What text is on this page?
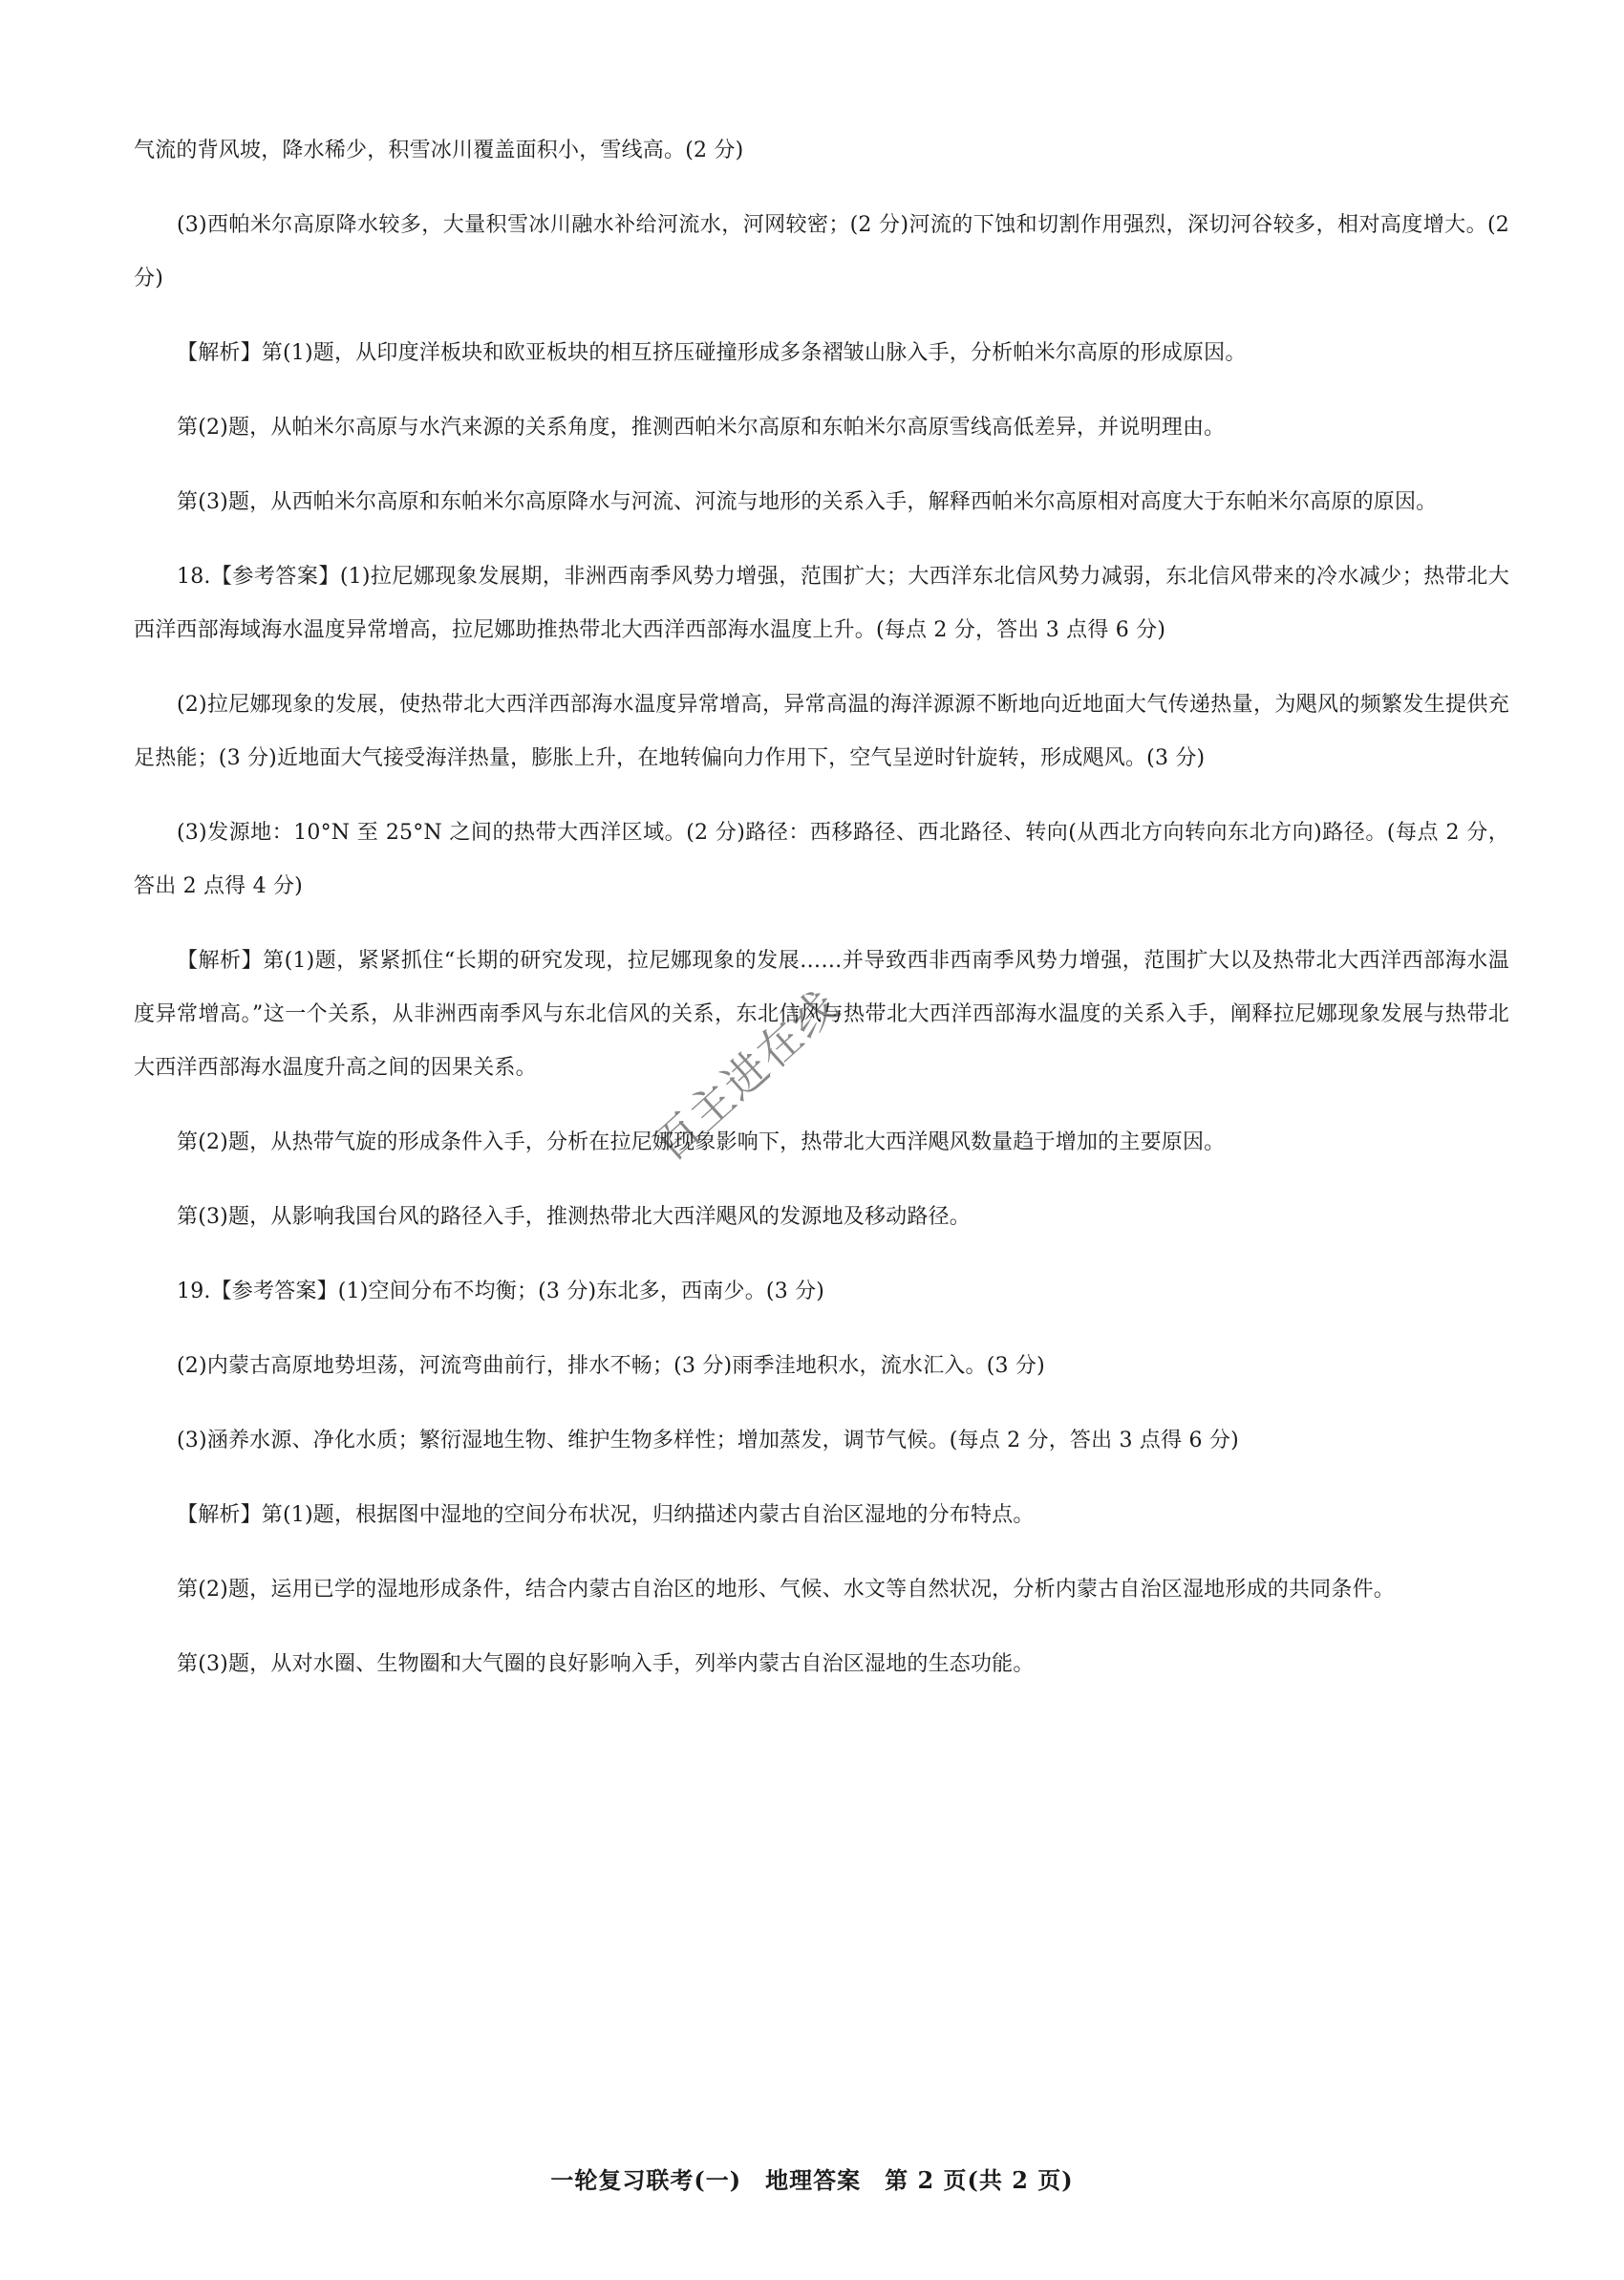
气流的背风坡，降水稀少，积雪冰川覆盖面积小，雪线高。(2 分)

(3)西帕米尔高原降水较多，大量积雪冰川融水补给河流水，河网较密；(2 分)河流的下蚀和切割作用强烈，深切河谷较多，相对高度增大。(2 分)

【解析】第(1)题，从印度洋板块和欧亚板块的相互挤压碰撞形成多条褶皱山脉入手，分析帕米尔高原的形成原因。

第(2)题，从帕米尔高原与水汽来源的关系角度，推测西帕米尔高原和东帕米尔高原雪线高低差异，并说明理由。

第(3)题，从西帕米尔高原和东帕米尔高原降水与河流、河流与地形的关系入手，解释西帕米尔高原相对高度大于东帕米尔高原的原因。

18.【参考答案】(1)拉尼娜现象发展期，非洲西南季风势力增强，范围扩大；大西洋东北信风势力减弱，东北信风带来的冷水减少；热带北大西洋西部海域海水温度异常增高，拉尼娜助推热带北大西洋西部海水温度上升。(每点 2 分，答出 3 点得 6 分)

(2)拉尼娜现象的发展，使热带北大西洋西部海水温度异常增高，异常高温的海洋源源不断地向近地面大气传递热量，为飓风的频繁发生提供充足热能；(3 分)近地面大气接受海洋热量，膨胀上升，在地转偏向力作用下，空气呈逆时针旋转，形成飓风。(3 分)

(3)发源地：10°N 至 25°N 之间的热带大西洋区域。(2 分)路径：西移路径、西北路径、转向(从西北方向转向东北方向)路径。(每点 2 分，答出 2 点得 4 分)

【解析】第(1)题，紧紧抓住“长期的研究发现，拉尼娜现象的发展……并导致西非西南季风势力增强，范围扩大以及热带北大西洋西部海水温度异常增高。”这一个关系，从非洲西南季风与东北信风的关系，东北信风与热带北大西洋西部海水温度的关系入手，阐释拉尼娜现象发展与热带北大西洋西部海水温度升高之间的因果关系。

第(2)题，从热带气旋的形成条件入手，分析在拉尼娜现象影响下，热带北大西洋飓风数量趋于增加的主要原因。

第(3)题，从影响我国台风的路径入手，推测热带北大西洋飓风的发源地及移动路径。

19.【参考答案】(1)空间分布不均衡；(3 分)东北多，西南少。(3 分)

(2)内蒙古高原地势坦荡，河流弯曲前行，排水不畅；(3 分)雨季洼地积水，流水汇入。(3 分)

(3)涵养水源、净化水质；繁衍湿地生物、维护生物多样性；增加蒸发，调节气候。(每点 2 分，答出 3 点得 6 分)

【解析】第(1)题，根据图中湿地的空间分布状况，归纳描述内蒙古自治区湿地的分布特点。

第(2)题，运用已学的湿地形成条件，结合内蒙古自治区的地形、气候、水文等自然状况，分析内蒙古自治区湿地形成的共同条件。

第(3)题，从对水圈、生物圈和大气圈的良好影响入手，列举内蒙古自治区湿地的生态功能。

百主进在线
一轮复习联考(一)　地理答案　第 2 页(共 2 页)
